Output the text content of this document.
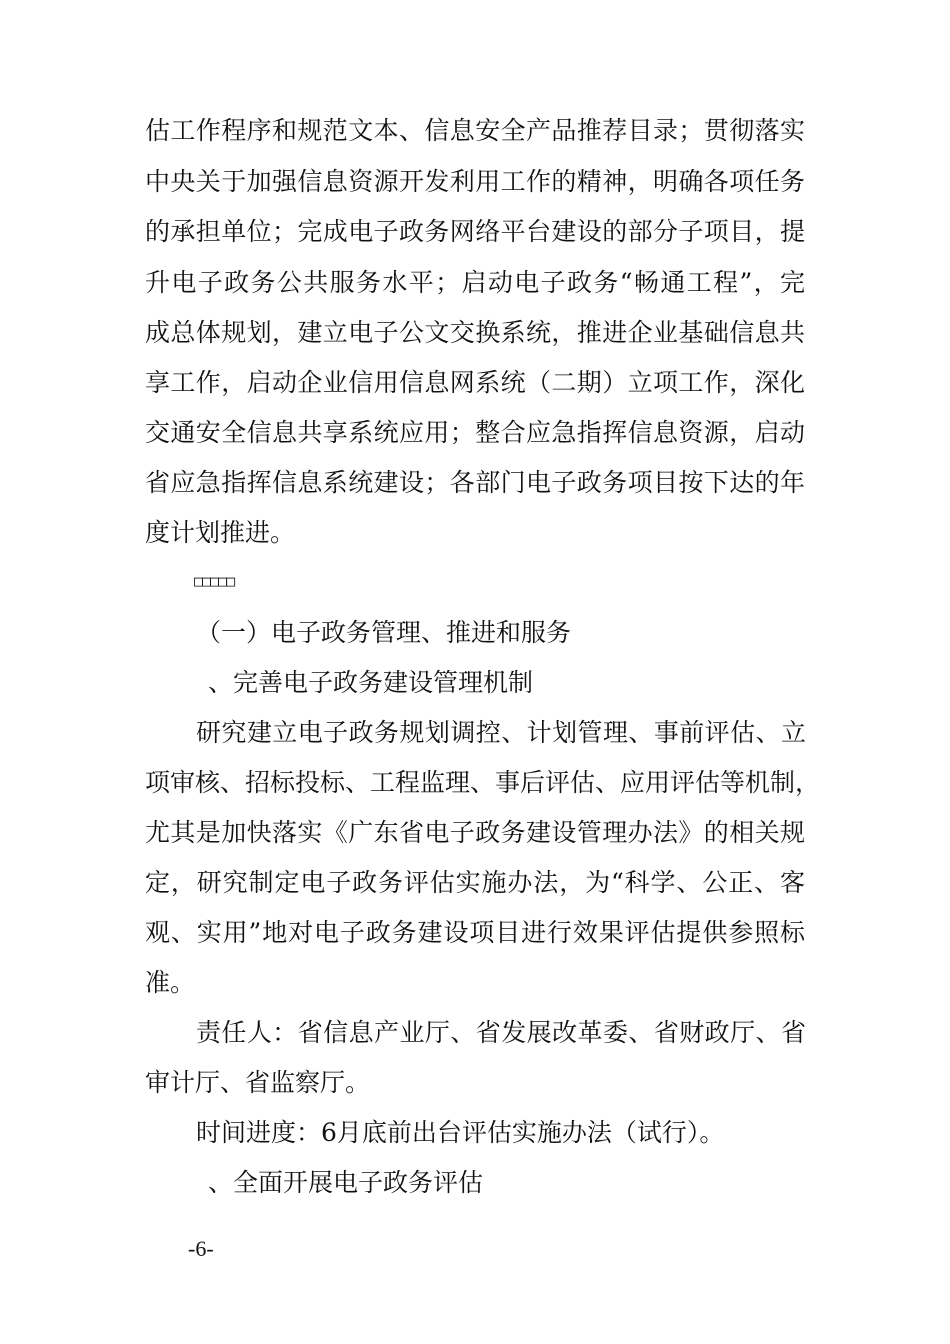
估工作程序和规范文本、信息安全产品推荐目录；贯彻落实
中央关于加强信息资源开发利用工作的精神，明确各项任务
的承担单位；完成电子政务网络平台建设的部分子项目，提
升电子政务公共服务水平；启动电子政务“畅通工程”，完
成总体规划，建立电子公文交换系统，推进企业基础信息共
享工作，启动企业信用信息网系统（二期）立项工作，深化
交通安全信息共享系统应用；整合应急指挥信息资源，启动
省应急指挥信息系统建设；各部门电子政务项目按下达的年
度计划推进。
□□□□□
（一）电子政务管理、推进和服务
、完善电子政务建设管理机制
研究建立电子政务规划调控、计划管理、事前评估、立
项审核、招标投标、工程监理、事后评估、应用评估等机制，
尤其是加快落实《广东省电子政务建设管理办法》的相关规
定，研究制定电子政务评估实施办法，为“科学、公正、客
观、实用”地对电子政务建设项目进行效果评估提供参照标
准。
责任人：省信息产业厅、省发展改革委、省财政厅、省
审计厅、省监察厅。
时间进度：6月底前出台评估实施办法（试行）。
、全面开展电子政务评估
-6-
